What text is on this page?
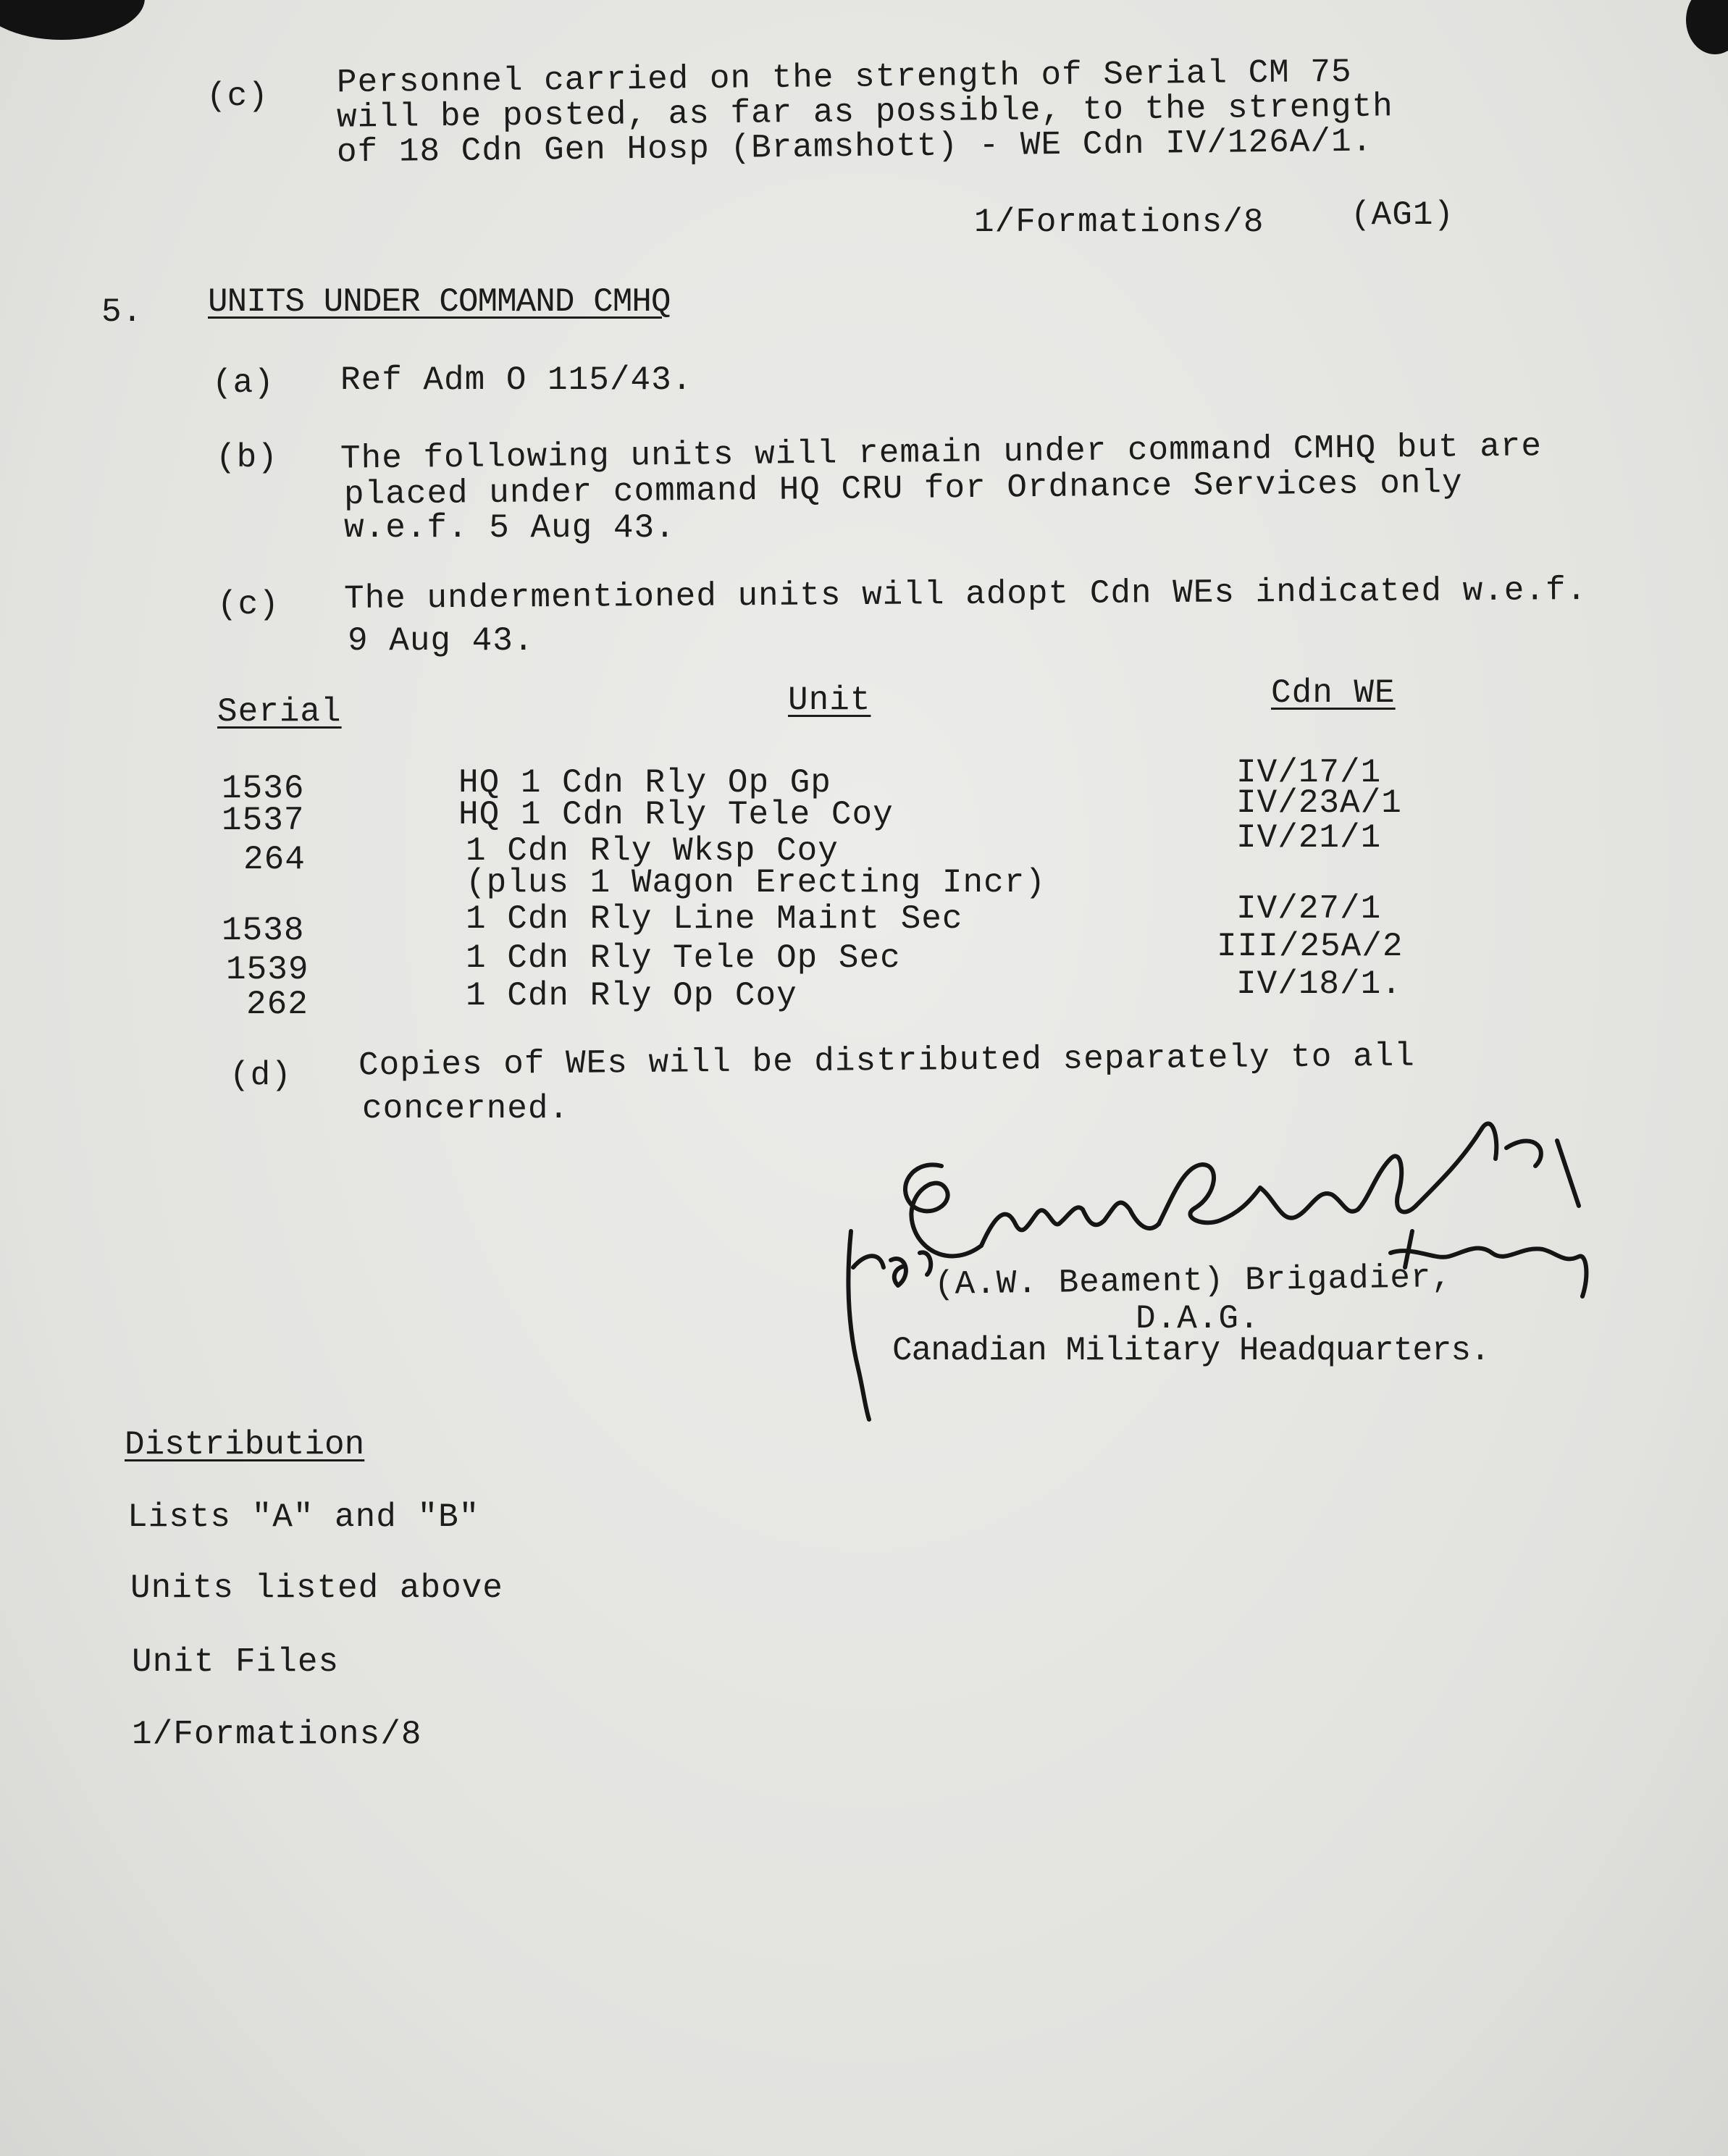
(c) Personnel carried on the strength of Serial CM 75
will be posted, as far as possible, to the strength
of 18 Cdn Gen Hosp (Bramshott) - WE Cdn IV/126A/1.
1/Formations/8	(AG1)
5. UNITS UNDER COMMAND CMHQ
(a) Ref Adm O 115/43.
(b) The following units will remain under command CMHQ but are
placed under command HQ CRU for Ordnance Services only
w.e.f. 5 Aug 43.
(c) The undermentioned units will adopt Cdn WEs indicated w.e.f.
9 Aug 43.
Serial	Unit	Cdn WE
1536	HQ 1 Cdn Rly Op Gp	IV/17/1
1537	HQ 1 Cdn Rly Tele Coy	IV/23A/1
264	1 Cdn Rly Wksp Coy	IV/21/1
(plus 1 Wagon Erecting Incr)
1538	1 Cdn Rly Line Maint Sec	IV/27/1
1539	1 Cdn Rly Tele Op Sec	III/25A/2
262	1 Cdn Rly Op Coy	IV/18/1.
(d) Copies of WEs will be distributed separately to all
concerned.
(A.W. Beament) Brigadier,
D.A.G.
Canadian Military Headquarters.
Distribution
Lists "A" and "B"
Units listed above
Unit Files
1/Formations/8
